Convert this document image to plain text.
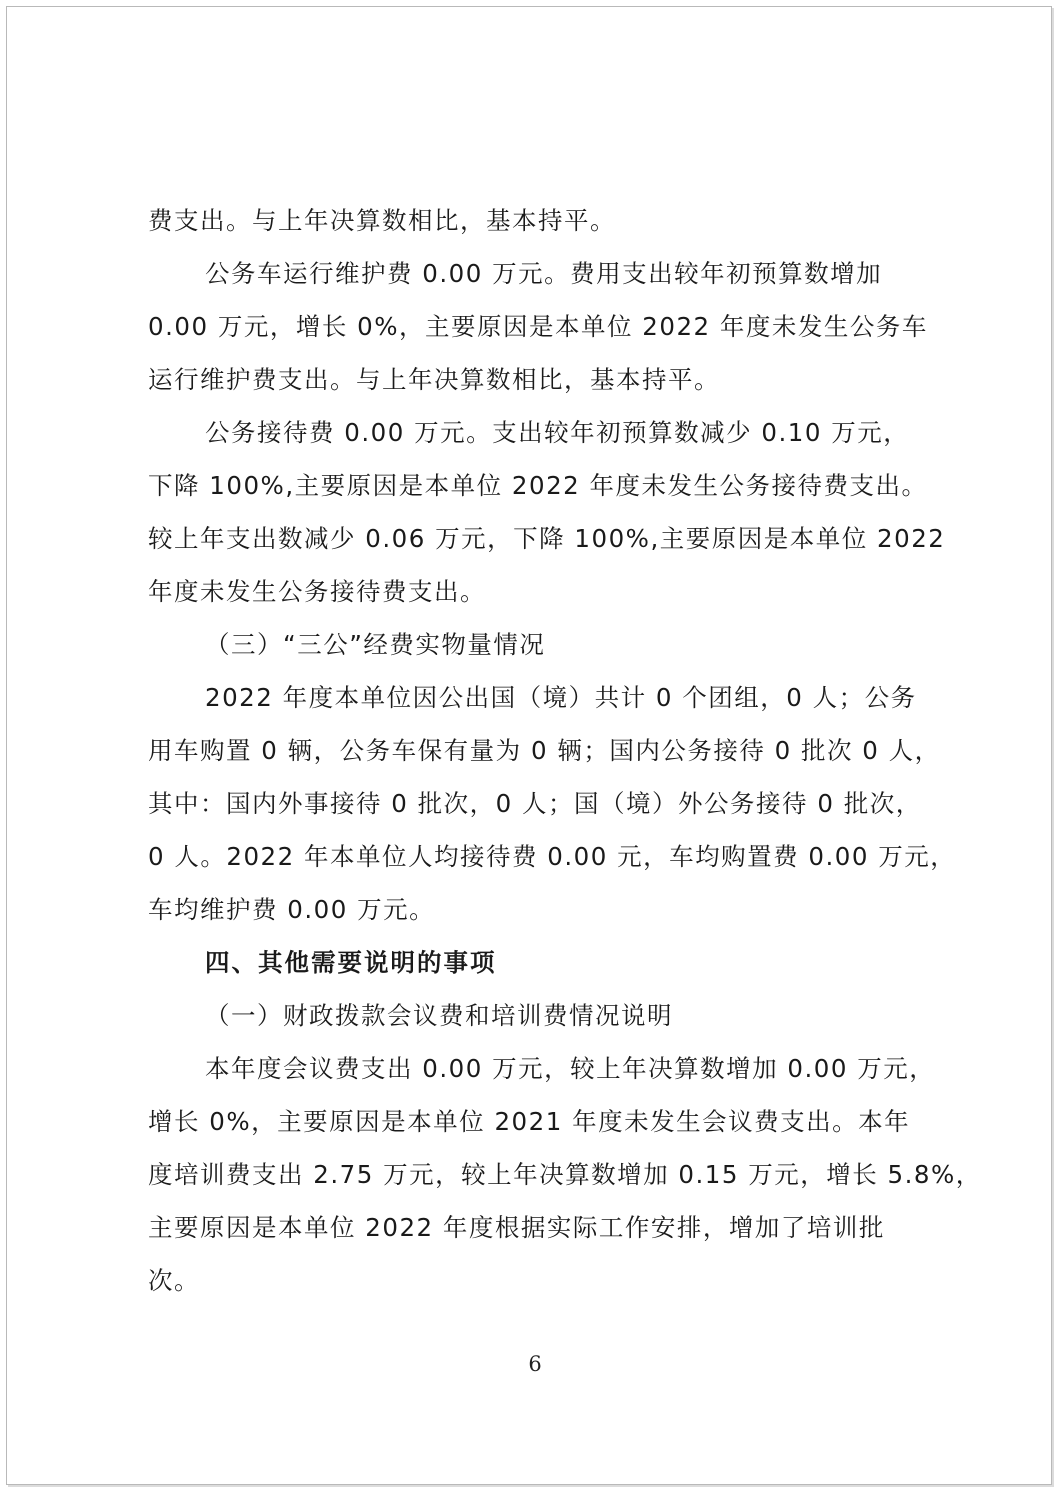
费支出。与上年决算数相比，基本持平。
公务车运行维护费 0.00 万元。费用支出较年初预算数增加
0.00 万元，增长 0%，主要原因是本单位 2022 年度未发生公务车
运行维护费支出。与上年决算数相比，基本持平。
公务接待费 0.00 万元。支出较年初预算数减少 0.10 万元，
下降 100%,主要原因是本单位 2022 年度未发生公务接待费支出。
较上年支出数减少 0.06 万元，下降 100%,主要原因是本单位 2022
年度未发生公务接待费支出。
（三）“三公”经费实物量情况
2022 年度本单位因公出国（境）共计 0 个团组，0 人；公务
用车购置 0 辆，公务车保有量为 0 辆；国内公务接待 0 批次 0 人，
其中：国内外事接待 0 批次，0 人；国（境）外公务接待 0 批次，
0 人。2022 年本单位人均接待费 0.00 元，车均购置费 0.00 万元，
车均维护费 0.00 万元。
四、其他需要说明的事项
（一）财政拨款会议费和培训费情况说明
本年度会议费支出 0.00 万元，较上年决算数增加 0.00 万元，
增长 0%，主要原因是本单位 2021 年度未发生会议费支出。本年
度培训费支出 2.75 万元，较上年决算数增加 0.15 万元，增长 5.8%，
主要原因是本单位 2022 年度根据实际工作安排，增加了培训批
次。
6
